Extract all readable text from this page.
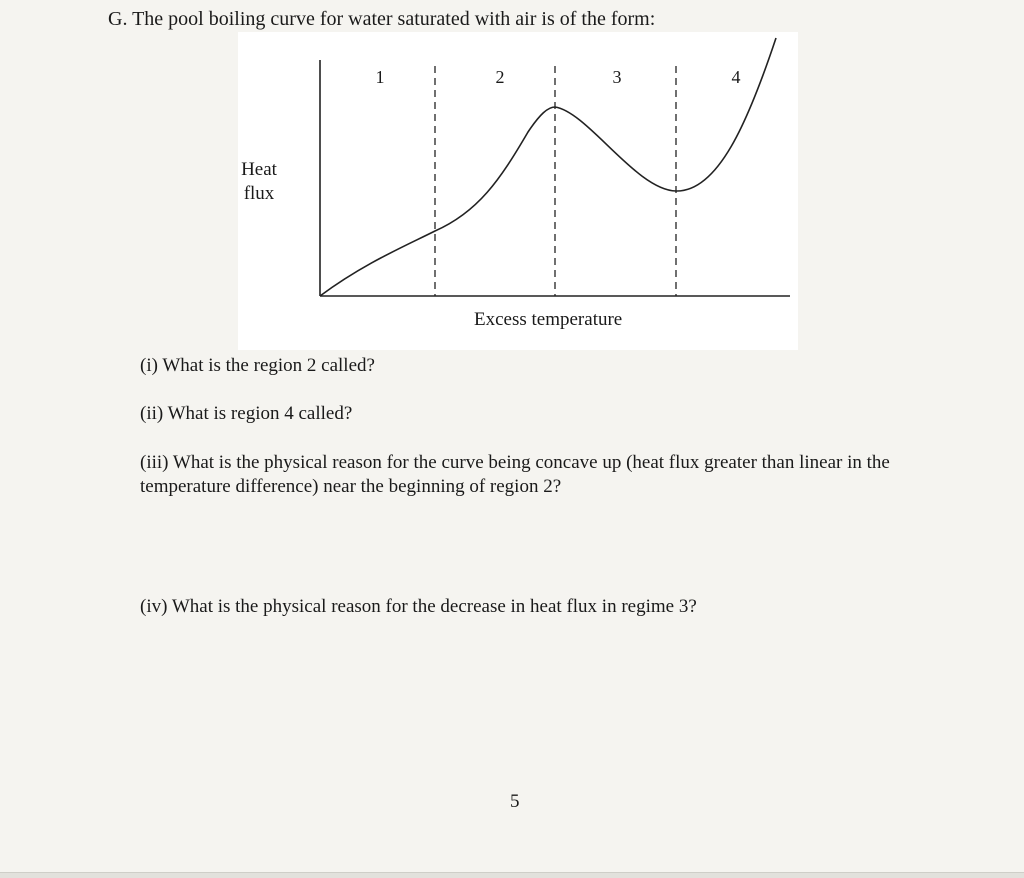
G. The pool boiling curve for water saturated with air is of the form:
Heat
flux
1	2	3	4
Excess temperature
(i) What is the region 2 called?
(ii) What is region 4 called?
(iii) What is the physical reason for the curve being concave up (heat flux greater than linear in the temperature difference) near the beginning of region 2?
(iv) What is the physical reason for the decrease in heat flux in regime 3?
5
